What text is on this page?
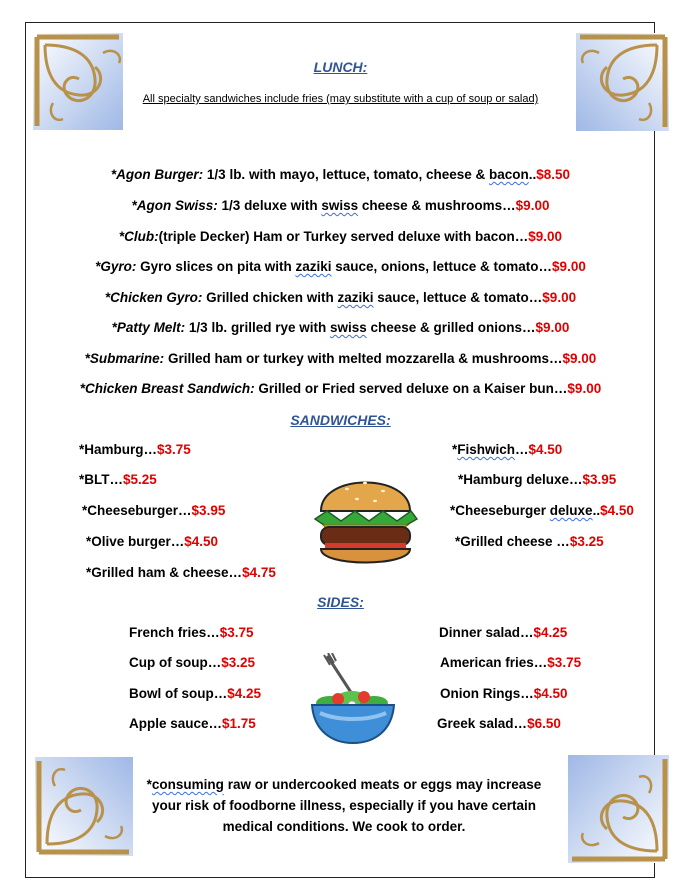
LUNCH:
All specialty sandwiches include fries (may substitute with a cup of soup or salad)
*Agon Burger: 1/3 lb. with mayo, lettuce, tomato, cheese & bacon..$8.50
*Agon Swiss: 1/3 deluxe with swiss cheese & mushrooms…$9.00
*Club:(triple Decker) Ham or Turkey served deluxe with bacon…$9.00
*Gyro: Gyro slices on pita with zaziki sauce, onions, lettuce & tomato…$9.00
*Chicken Gyro: Grilled chicken with zaziki sauce, lettuce & tomato…$9.00
*Patty Melt: 1/3 lb. grilled rye with swiss cheese & grilled onions…$9.00
*Submarine: Grilled ham or turkey with melted mozzarella & mushrooms…$9.00
*Chicken Breast Sandwich: Grilled or Fried served deluxe on a Kaiser bun…$9.00
SANDWICHES:
*Hamburg…$3.75
*BLT…$5.25
*Cheeseburger…$3.95
*Olive burger…$4.50
*Grilled ham & cheese…$4.75
*Fishwich…$4.50
*Hamburg deluxe…$3.95
*Cheeseburger deluxe..$4.50
*Grilled cheese …$3.25
SIDES:
French fries…$3.75
Cup of soup…$3.25
Bowl of soup…$4.25
Apple sauce…$1.75
Dinner salad…$4.25
American fries…$3.75
Onion Rings…$4.50
Greek salad…$6.50
*consuming raw or undercooked meats or eggs may increase
your risk of foodborne illness, especially if you have certain
medical conditions. We cook to order.
